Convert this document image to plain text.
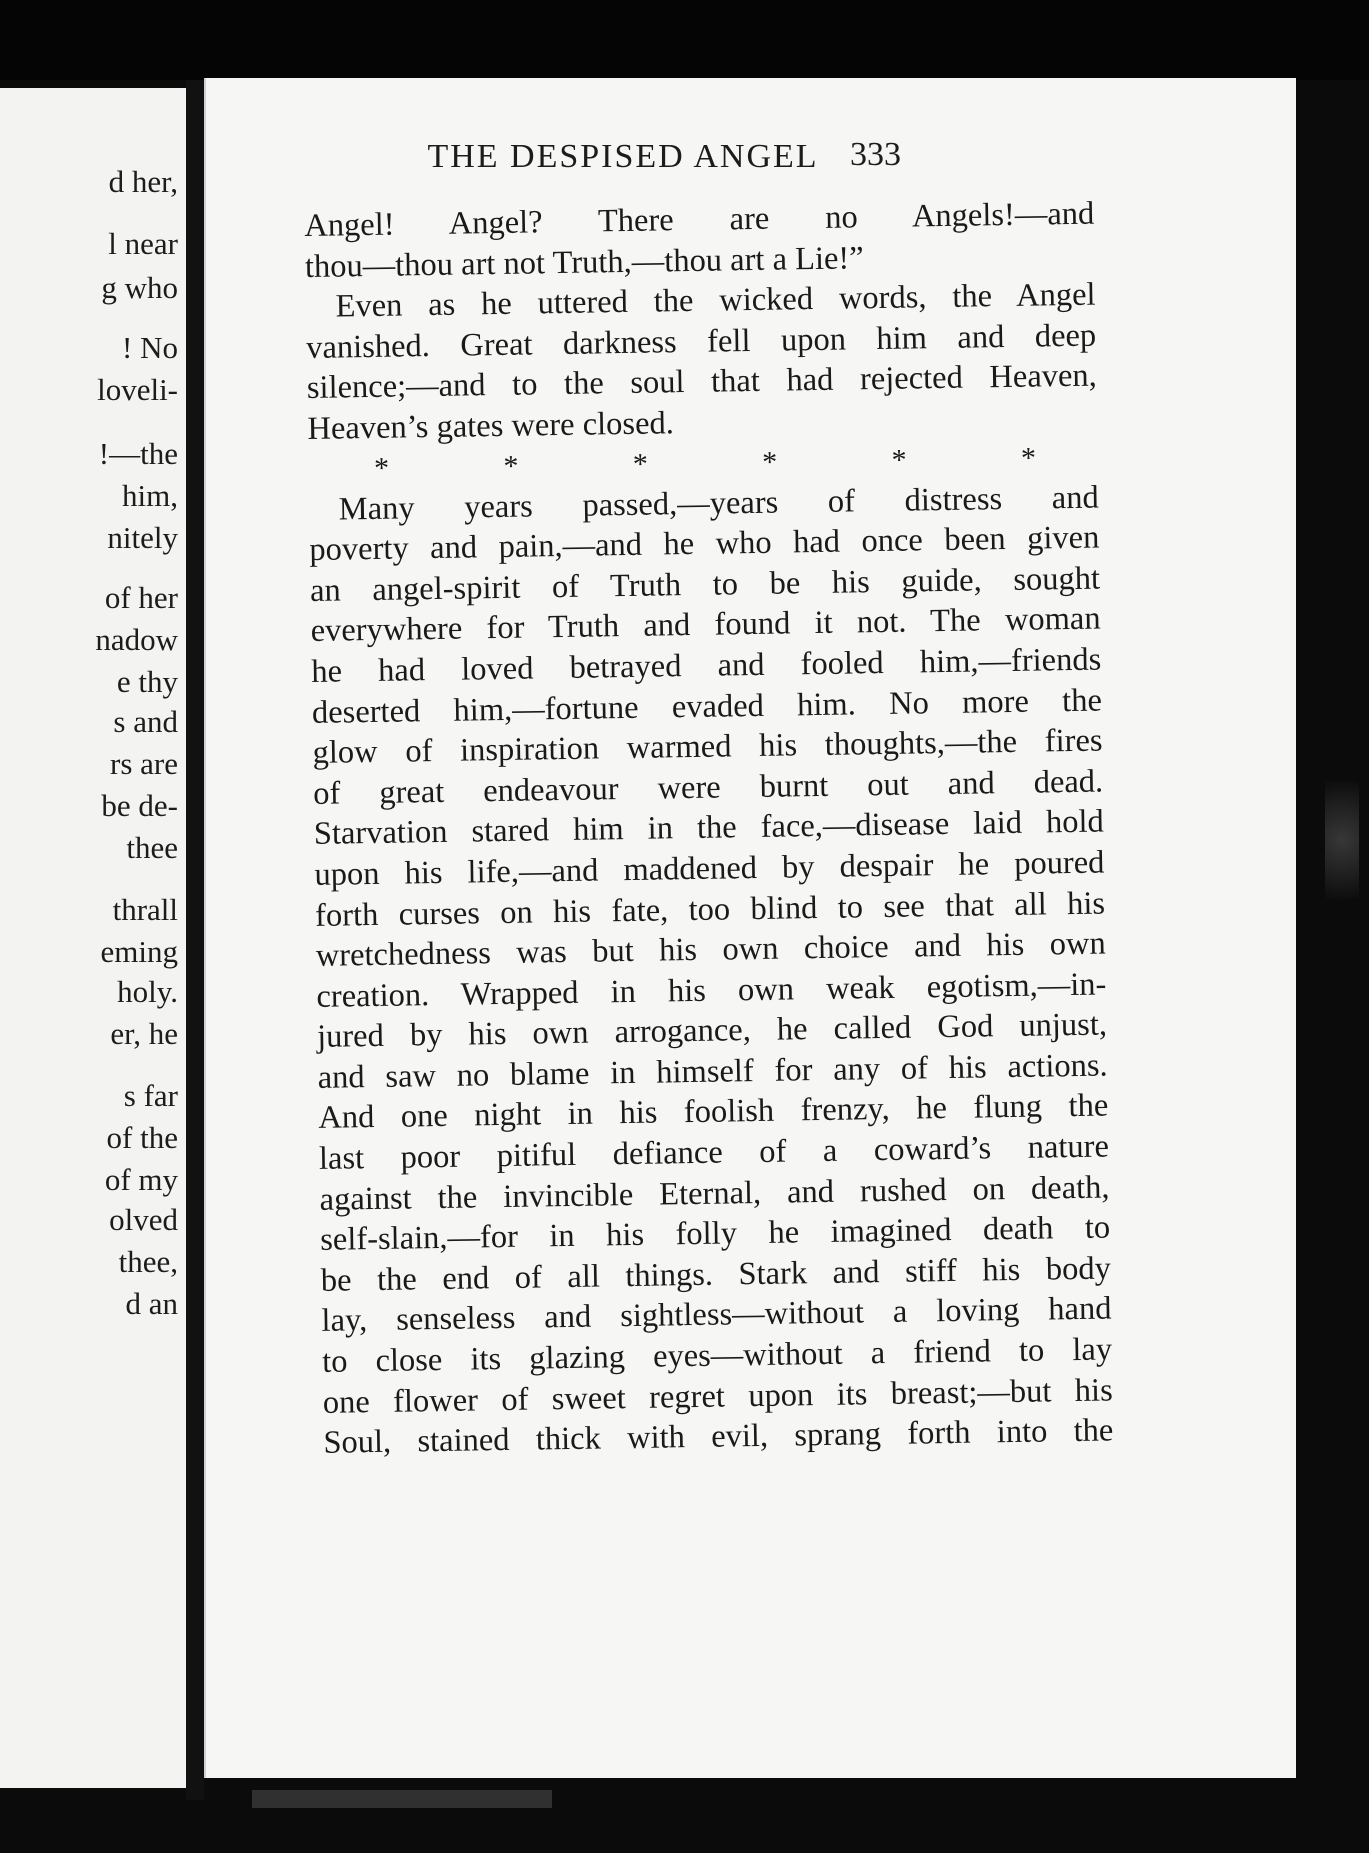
d her,
l near
g who
! No
loveli-
!—the
him,
nitely
of her
nadow
e thy
s and
rs are
be de-
thee
thrall
eming
holy.
er, he
s far
of the
of my
olved
thee,
d an
THE DESPISED ANGEL 333
Angel! Angel? There are no Angels!—and
thou—thou art not Truth,—thou art a Lie!”
Even as he uttered the wicked words, the Angel
vanished. Great darkness fell upon him and deep
silence;—and to the soul that had rejected Heaven,
Heaven’s gates were closed.
*	*	*	*	*	*
Many years passed,—years of distress and
poverty and pain,—and he who had once been given
an angel-spirit of Truth to be his guide, sought
everywhere for Truth and found it not. The woman
he had loved betrayed and fooled him,—friends
deserted him,—fortune evaded him. No more the
glow of inspiration warmed his thoughts,—the fires
of great endeavour were burnt out and dead.
Starvation stared him in the face,—disease laid hold
upon his life,—and maddened by despair he poured
forth curses on his fate, too blind to see that all his
wretchedness was but his own choice and his own
creation. Wrapped in his own weak egotism,—in-
jured by his own arrogance, he called God unjust,
and saw no blame in himself for any of his actions.
And one night in his foolish frenzy, he flung the
last poor pitiful defiance of a coward’s nature
against the invincible Eternal, and rushed on death,
self-slain,—for in his folly he imagined death to
be the end of all things. Stark and stiff his body
lay, senseless and sightless—without a loving hand
to close its glazing eyes—without a friend to lay
one flower of sweet regret upon its breast;—but his
Soul, stained thick with evil, sprang forth into the
